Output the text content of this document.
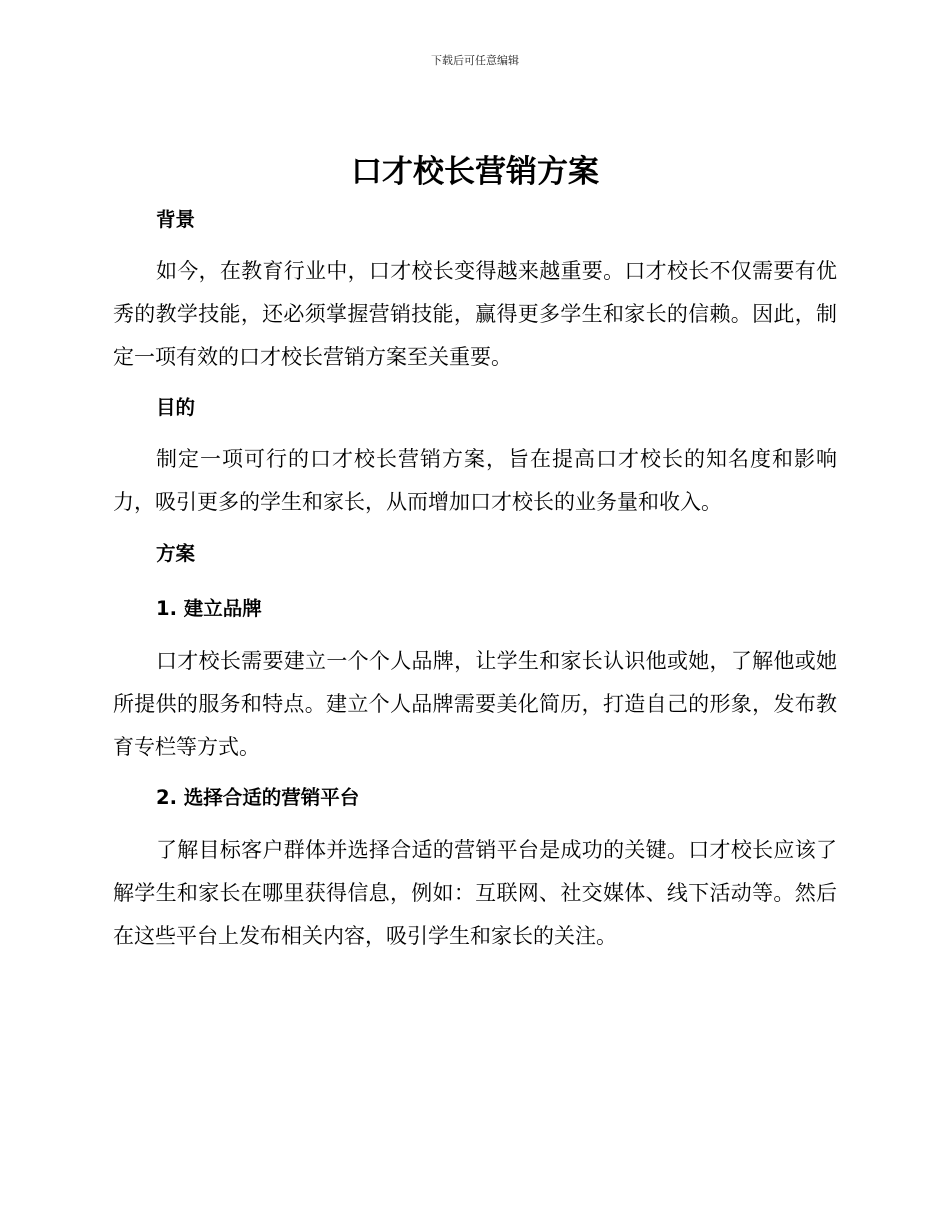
下载后可任意编辑
口才校长营销方案
背景

如今，在教育行业中，口才校长变得越来越重要。口才校长不仅需要有优秀的教学技能，还必须掌握营销技能，赢得更多学生和家长的信赖。因此，制定一项有效的口才校长营销方案至关重要。

目的

制定一项可行的口才校长营销方案，旨在提高口才校长的知名度和影响力，吸引更多的学生和家长，从而增加口才校长的业务量和收入。

方案
1. 建立品牌

口才校长需要建立一个个人品牌，让学生和家长认识他或她，了解他或她所提供的服务和特点。建立个人品牌需要美化简历，打造自己的形象，发布教育专栏等方式。

2. 选择合适的营销平台

了解目标客户群体并选择合适的营销平台是成功的关键。口才校长应该了解学生和家长在哪里获得信息，例如：互联网、社交媒体、线下活动等。然后在这些平台上发布相关内容，吸引学生和家长的关注。
